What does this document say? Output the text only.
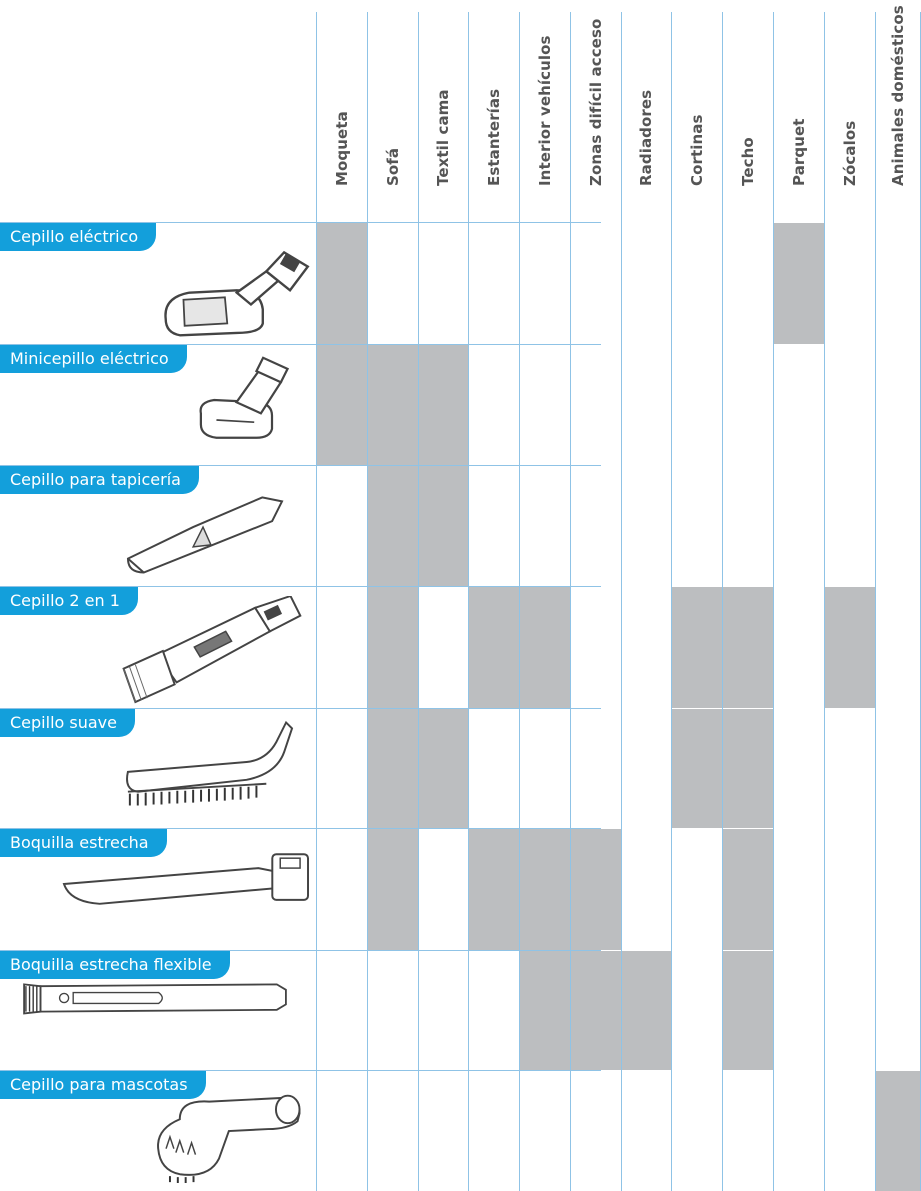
Moqueta Sofá Textil cama Estanterías Interior vehículos Zonas difícil acceso Radiadores Cortinas Techo Parquet Zócalos Animales domésticos
Cepillo eléctrico
Minicepillo eléctrico
Cepillo para tapicería
Cepillo 2 en 1
Cepillo suave
Boquilla estrecha
Boquilla estrecha flexible
Cepillo para mascotas
